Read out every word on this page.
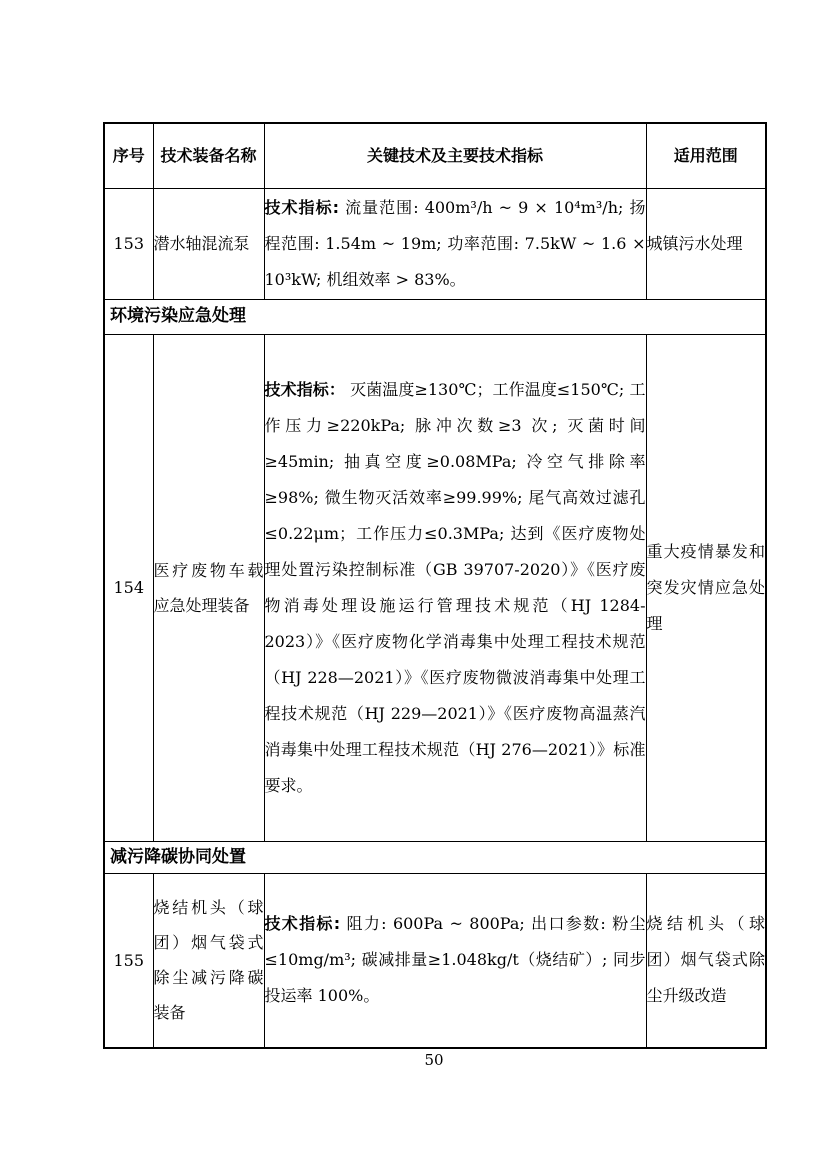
序号	技术装备名称	关键技术及主要技术指标	适用范围
153	潜水轴混流泵	技术指标: 流量范围: 400m³/h ~ 9 × 10⁴m³/h; 扬程范围: 1.54m ~ 19m; 功率范围: 7.5kW ~ 1.6 × 10³kW; 机组效率 > 83%。	城镇污水处理
环境污染应急处理			
154	医疗废物车载应急处理装备	技术指标： 灭菌温度≥130℃；工作温度≤150℃; 工作压力≥220kPa; 脉冲次数≥3 次; 灭菌时间≥45min; 抽真空度≥0.08MPa; 冷空气排除率≥98%; 微生物灭活效率≥99.99%; 尾气高效过滤孔≤0.22μm；工作压力≤0.3MPa; 达到《医疗废物处理处置污染控制标准（GB 39707-2020）》《医疗废物消毒处理设施运行管理技术规范（HJ 1284-2023）》《医疗废物化学消毒集中处理工程技术规范（HJ 228—2021）》《医疗废物微波消毒集中处理工程技术规范（HJ 229—2021）》《医疗废物高温蒸汽消毒集中处理工程技术规范（HJ 276—2021）》标准要求。	重大疫情暴发和突发灾情应急处理
减污降碳协同处置			
155	烧结机头（球团）烟气袋式除尘减污降碳装备	技术指标: 阻力: 600Pa ~ 800Pa; 出口参数: 粉尘≤10mg/m³; 碳减排量≥1.048kg/t（烧结矿）; 同步投运率 100%。	烧结机头（球团）烟气袋式除尘升级改造
50
